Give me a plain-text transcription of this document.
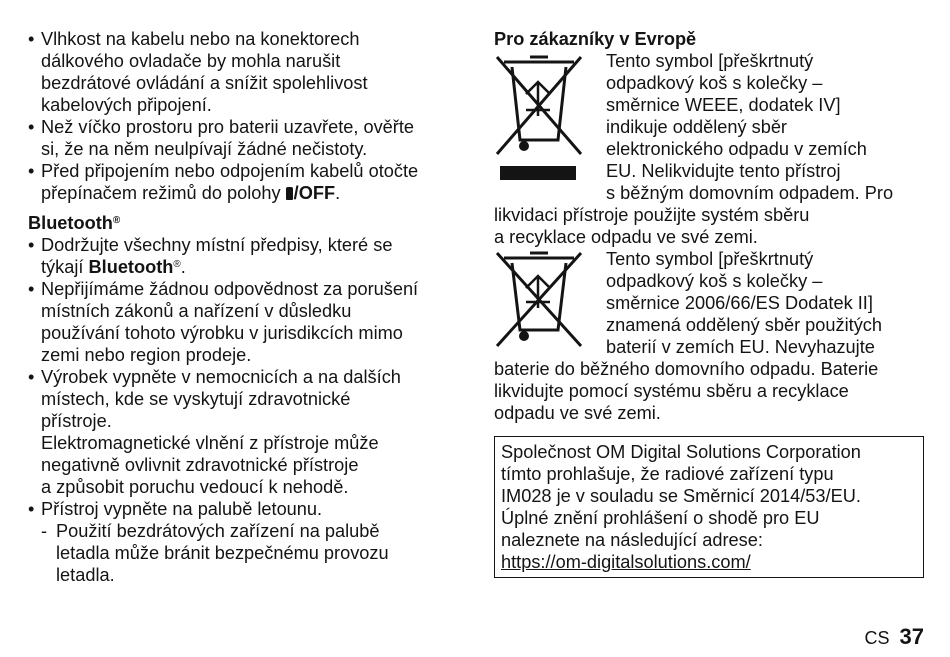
• Vlhkost na kabelu nebo na konektorech
dálkového ovladače by mohla narušit
bezdrátové ovládání a snížit spolehlivost
kabelových připojení.
• Než víčko prostoru pro baterii uzavřete, ověřte
si, že na něm neulpívají žádné nečistoty.
• Před připojením nebo odpojením kabelů otočte
přepínačem režimů do polohy /OFF.
Bluetooth®
• Dodržujte všechny místní předpisy, které se
týkají Bluetooth®.
• Nepřijímáme žádnou odpovědnost za porušení
místních zákonů a nařízení v důsledku
používání tohoto výrobku v jurisdikcích mimo
zemi nebo region prodeje.
• Výrobek vypněte v nemocnicích a na dalších
místech, kde se vyskytují zdravotnické
přístroje.
Elektromagnetické vlnění z přístroje může
negativně ovlivnit zdravotnické přístroje
a způsobit poruchu vedoucí k nehodě.
• Přístroj vypněte na palubě letounu.
- Použití bezdrátových zařízení na palubě
letadla může bránit bezpečnému provozu
letadla.
Pro zákazníky v Evropě
Tento symbol [přeškrtnutý
odpadkový koš s kolečky –
směrnice WEEE, dodatek IV]
indikuje oddělený sběr
elektronického odpadu v zemích
EU. Nelikvidujte tento přístroj
s běžným domovním odpadem. Pro
likvidaci přístroje použijte systém sběru
a recyklace odpadu ve své zemi.
Tento symbol [přeškrtnutý
odpadkový koš s kolečky –
směrnice 2006/66/ES Dodatek II]
znamená oddělený sběr použitých
baterií v zemích EU. Nevyhazujte
baterie do běžného domovního odpadu. Baterie
likvidujte pomocí systému sběru a recyklace
odpadu ve své zemi.
Společnost OM Digital Solutions Corporation
tímto prohlašuje, že radiové zařízení typu
IM028 je v souladu se Směrnicí 2014/53/EU.
Úplné znění prohlášení o shodě pro EU
naleznete na následující adrese:
https://om-digitalsolutions.com/
CS 37
